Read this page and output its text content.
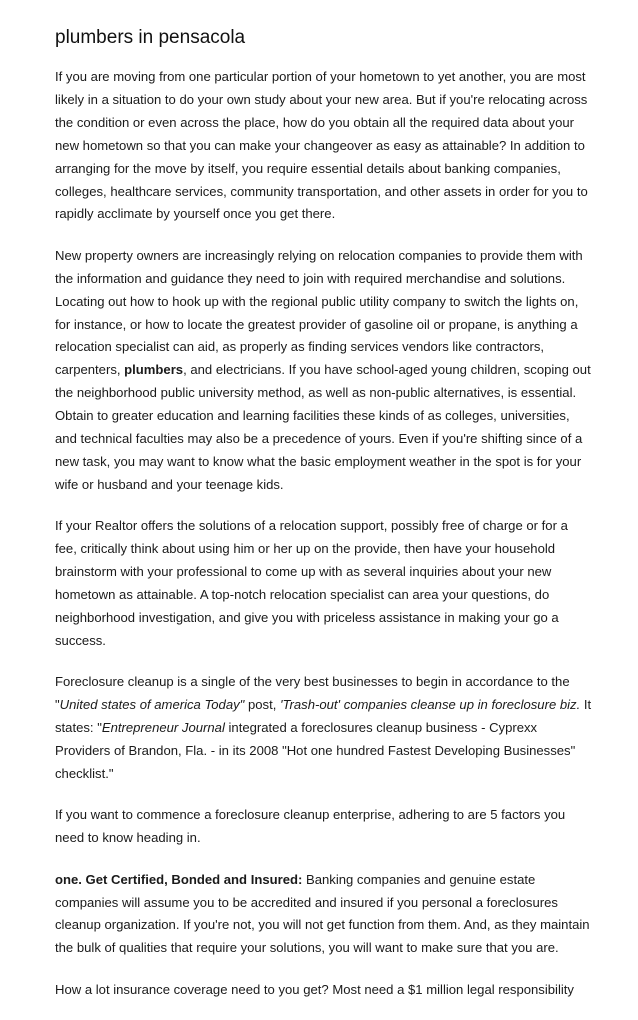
plumbers in pensacola

If you are moving from one particular portion of your hometown to yet another, you are most likely in a situation to do your own study about your new area. But if you're relocating across the condition or even across the place, how do you obtain all the required data about your new hometown so that you can make your changeover as easy as attainable? In addition to arranging for the move by itself, you require essential details about banking companies, colleges, healthcare services, community transportation, and other assets in order for you to rapidly acclimate by yourself once you get there.

New property owners are increasingly relying on relocation companies to provide them with the information and guidance they need to join with required merchandise and solutions. Locating out how to hook up with the regional public utility company to switch the lights on, for instance, or how to locate the greatest provider of gasoline oil or propane, is anything a relocation specialist can aid, as properly as finding services vendors like contractors, carpenters, plumbers, and electricians. If you have school-aged young children, scoping out the neighborhood public university method, as well as non-public alternatives, is essential. Obtain to greater education and learning facilities these kinds of as colleges, universities, and technical faculties may also be a precedence of yours. Even if you're shifting since of a new task, you may want to know what the basic employment weather in the spot is for your wife or husband and your teenage kids.

If your Realtor offers the solutions of a relocation support, possibly free of charge or for a fee, critically think about using him or her up on the provide, then have your household brainstorm with your professional to come up with as several inquiries about your new hometown as attainable. A top-notch relocation specialist can area your questions, do neighborhood investigation, and give you with priceless assistance in making your go a success.

Foreclosure cleanup is a single of the very best businesses to begin in accordance to the "United states of america Today" post, 'Trash-out' companies cleanse up in foreclosure biz. It states: "Entrepreneur Journal integrated a foreclosures cleanup business - Cyprexx Providers of Brandon, Fla. - in its 2008 "Hot one hundred Fastest Developing Businesses" checklist."

If you want to commence a foreclosure cleanup enterprise, adhering to are 5 factors you need to know heading in.

one. Get Certified, Bonded and Insured: Banking companies and genuine estate companies will assume you to be accredited and insured if you personal a foreclosures cleanup organization. If you're not, you will not get function from them. And, as they maintain the bulk of qualities that require your solutions, you will want to make sure that you are.

How a lot insurance coverage need to you get? Most need a $1 million legal responsibility
